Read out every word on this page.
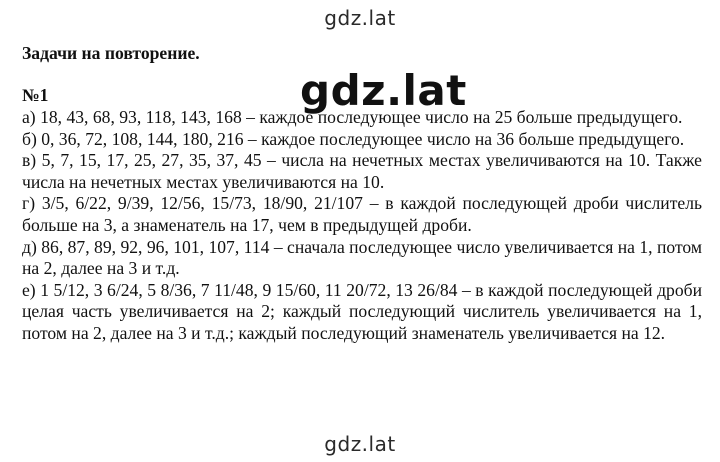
gdz.lat

Задачи на повторение.

№1

а) 18, 43, 68, 93, 118, 143, 168 – каждое последующее число на 25 больше предыдущего.

б) 0, 36, 72, 108, 144, 180, 216 – каждое последующее число на 36 больше предыдущего.

в) 5, 7, 15, 17, 25, 27, 35, 37, 45 – числа на нечетных местах увеличиваются на 10. Также числа на нечетных местах увеличиваются на 10.

г) 3/5, 6/22, 9/39, 12/56, 15/73, 18/90, 21/107 – в каждой последующей дроби числитель больше на 3, а знаменатель на 17, чем в предыдущей дроби.

д) 86, 87, 89, 92, 96, 101, 107, 114 – сначала последующее число увеличивается на 1, потом на 2, далее на 3 и т.д.

е) 1 5/12, 3 6/24, 5 8/36, 7 11/48, 9 15/60, 11 20/72, 13 26/84 – в каждой последующей дроби целая часть увеличивается на 2; каждый последующий числитель увеличивается на 1, потом на 2, далее на 3 и т.д.; каждый последующий знаменатель увеличивается на 12.

gdz.lat
gdz.lat
